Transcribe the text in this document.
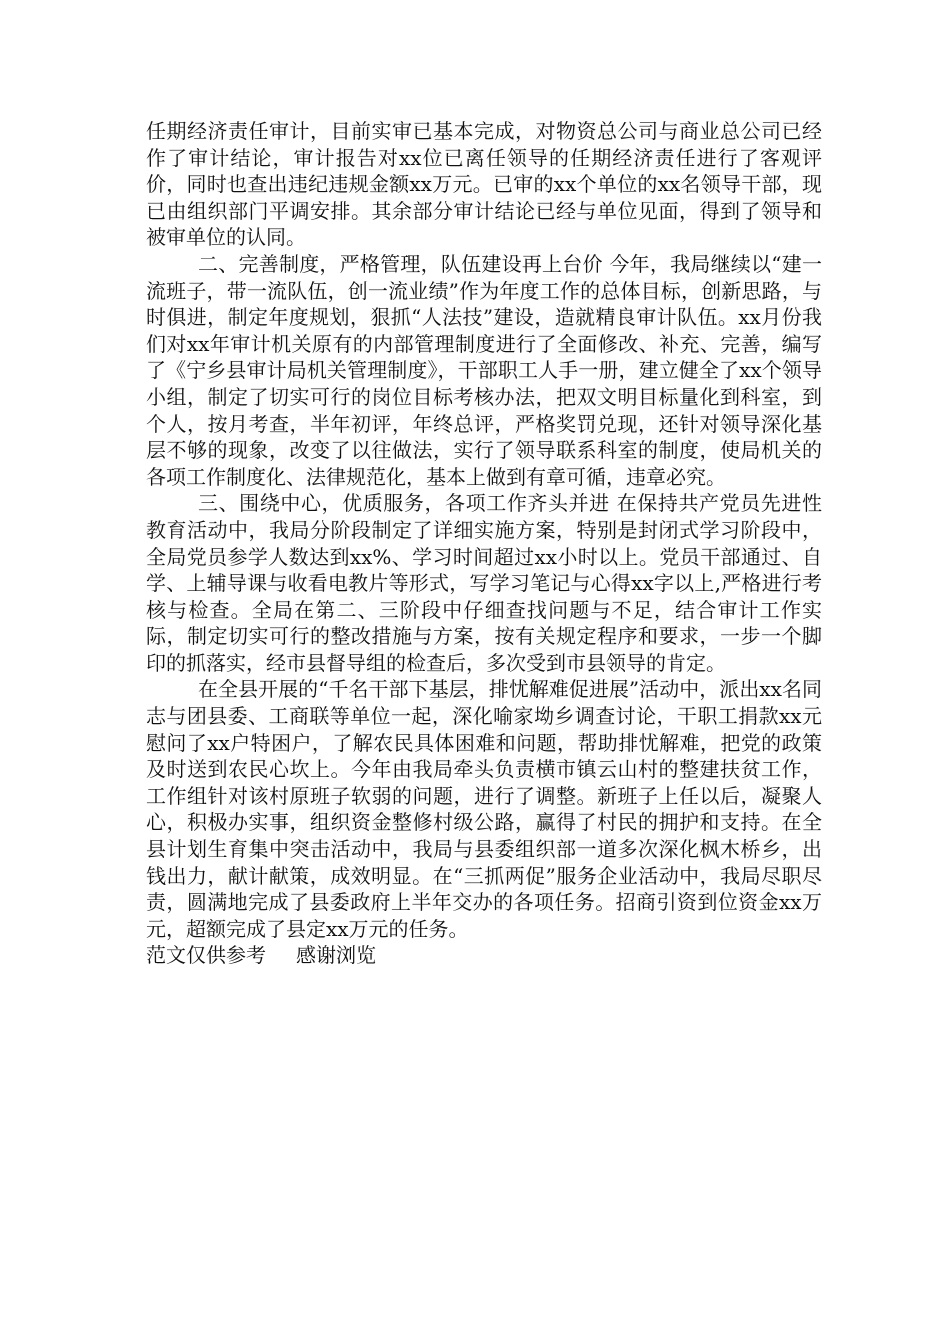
任期经济责任审计，目前实审已基本完成，对物资总公司与商业总公司已经作了审计结论，审计报告对xx位已离任领导的任期经济责任进行了客观评价，同时也查出违纪违规金额xx万元。已审的xx个单位的xx名领导干部，现已由组织部门平调安排。其余部分审计结论已经与单位见面，得到了领导和被审单位的认同。

二、完善制度，严格管理，队伍建设再上台价 今年，我局继续以“建一流班子，带一流队伍，创一流业绩”作为年度工作的总体目标，创新思路，与时俱进，制定年度规划，狠抓“人法技”建设，造就精良审计队伍。xx月份我们对xx年审计机关原有的内部管理制度进行了全面修改、补充、完善，编写了《宁乡县审计局机关管理制度》，干部职工人手一册，建立健全了xx个领导小组，制定了切实可行的岗位目标考核办法，把双文明目标量化到科室，到个人，按月考查，半年初评，年终总评，严格奖罚兑现，还针对领导深化基层不够的现象，改变了以往做法，实行了领导联系科室的制度，使局机关的各项工作制度化、法律规范化，基本上做到有章可循，违章必究。

三、围绕中心，优质服务，各项工作齐头并进 在保持共产党员先进性教育活动中，我局分阶段制定了详细实施方案，特别是封闭式学习阶段中，全局党员参学人数达到xx%、学习时间超过xx小时以上。党员干部通过、自学、上辅导课与收看电教片等形式，写学习笔记与心得xx字以上,严格进行考核与检查。全局在第二、三阶段中仔细查找问题与不足，结合审计工作实际，制定切实可行的整改措施与方案，按有关规定程序和要求，一步一个脚印的抓落实，经市县督导组的检查后，多次受到市县领导的肯定。

在全县开展的“千名干部下基层，排忧解难促进展”活动中，派出xx名同志与团县委、工商联等单位一起，深化喻家坳乡调查讨论，干职工捐款xx元慰问了xx户特困户，了解农民具体困难和问题，帮助排忧解难，把党的政策及时送到农民心坎上。今年由我局牵头负责横市镇云山村的整建扶贫工作，工作组针对该村原班子软弱的问题，进行了调整。新班子上任以后，凝聚人心，积极办实事，组织资金整修村级公路，赢得了村民的拥护和支持。在全县计划生育集中突击活动中，我局与县委组织部一道多次深化枫木桥乡，出钱出力，献计献策，成效明显。在“三抓两促”服务企业活动中，我局尽职尽责，圆满地完成了县委政府上半年交办的各项任务。招商引资到位资金xx万元，超额完成了县定xx万元的任务。

范文仅供参考 感谢浏览
